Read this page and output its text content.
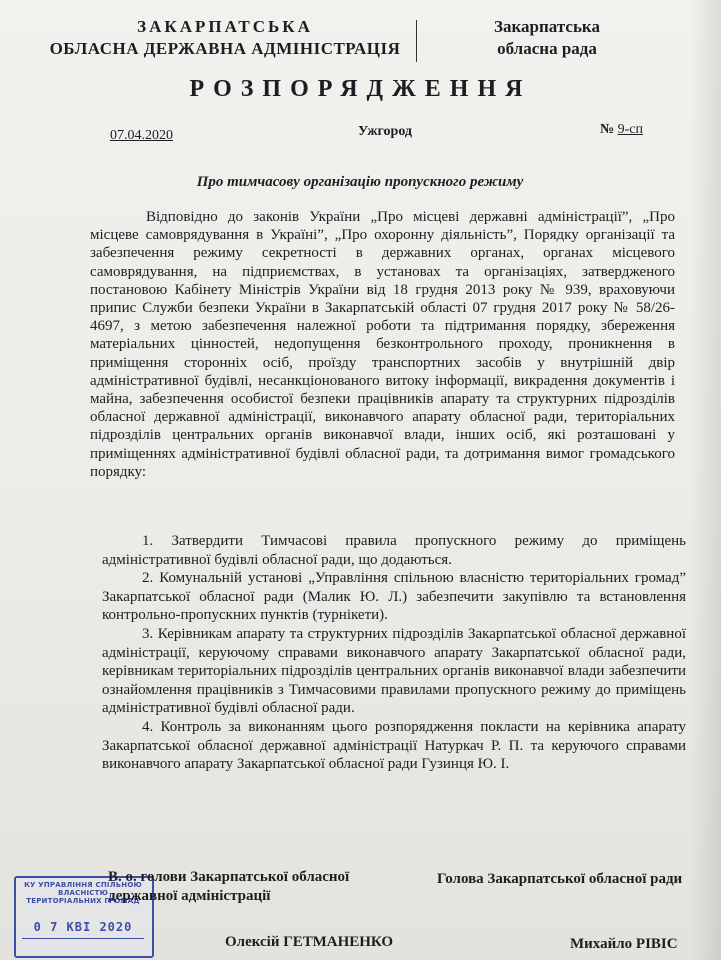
ЗАКАРПАТСЬКА
ОБЛАСНА ДЕРЖАВНА АДМІНІСТРАЦІЯ
Закарпатська
обласна рада
РОЗПОРЯДЖЕННЯ
07.04.2020	Ужгород	№ 9-сп
Про тимчасову організацію пропускного режиму

Відповідно до законів України „Про місцеві державні адміністрації”, „Про місцеве самоврядування в Україні”, „Про охоронну діяльність”, Порядку організації та забезпечення режиму секретності в державних органах, органах місцевого самоврядування, на підприємствах, в установах та організаціях, затвердженого постановою Кабінету Міністрів України від 18 грудня 2013 року № 939, враховуючи припис Служби безпеки України в Закарпатській області 07 грудня 2017 року № 58/26-4697, з метою забезпечення належної роботи та підтримання порядку, збереження матеріальних цінностей, недопущення безконтрольного проходу, проникнення в приміщення сторонніх осіб, проїзду транспортних засобів у внутрішній двір адміністративної будівлі, несанкціонованого витоку інформації, викрадення документів і майна, забезпечення особистої безпеки працівників апарату та структурних підрозділів обласної державної адміністрації, виконавчого апарату обласної ради, територіальних підрозділів центральних органів виконавчої влади, інших осіб, які розташовані у приміщеннях адміністративної будівлі обласної ради, та дотримання вимог громадського порядку:

1. Затвердити Тимчасові правила пропускного режиму до приміщень адміністративної будівлі обласної ради, що додаються.

2. Комунальній установі „Управління спільною власністю територіальних громад” Закарпатської обласної ради (Малик Ю. Л.) забезпечити закупівлю та встановлення контрольно-пропускних пунктів (турнікети).

3. Керівникам апарату та структурних підрозділів Закарпатської обласної державної адміністрації, керуючому справами виконавчого апарату Закарпатської обласної ради, керівникам територіальних підрозділів центральних органів виконавчої влади забезпечити ознайомлення працівників з Тимчасовими правилами пропускного режиму до приміщень адміністративної будівлі обласної ради.

4. Контроль за виконанням цього розпорядження покласти на керівника апарату Закарпатської обласної державної адміністрації Натуркач Р. П. та керуючого справами виконавчого апарату Закарпатської обласної ради Гузинця Ю. І.

КУ УПРАВЛІННЯ СПІЛЬНОЮ ВЛАСНІСТЮ ТЕРИТОРІАЛЬНИХ ГРОМАД
0 7 КВІ 2020
В. о. голови Закарпатської обласної державної адміністрації
Голова Закарпатської обласної ради
Олексій ГЕТМАНЕНКО	Михайло РІВІС
